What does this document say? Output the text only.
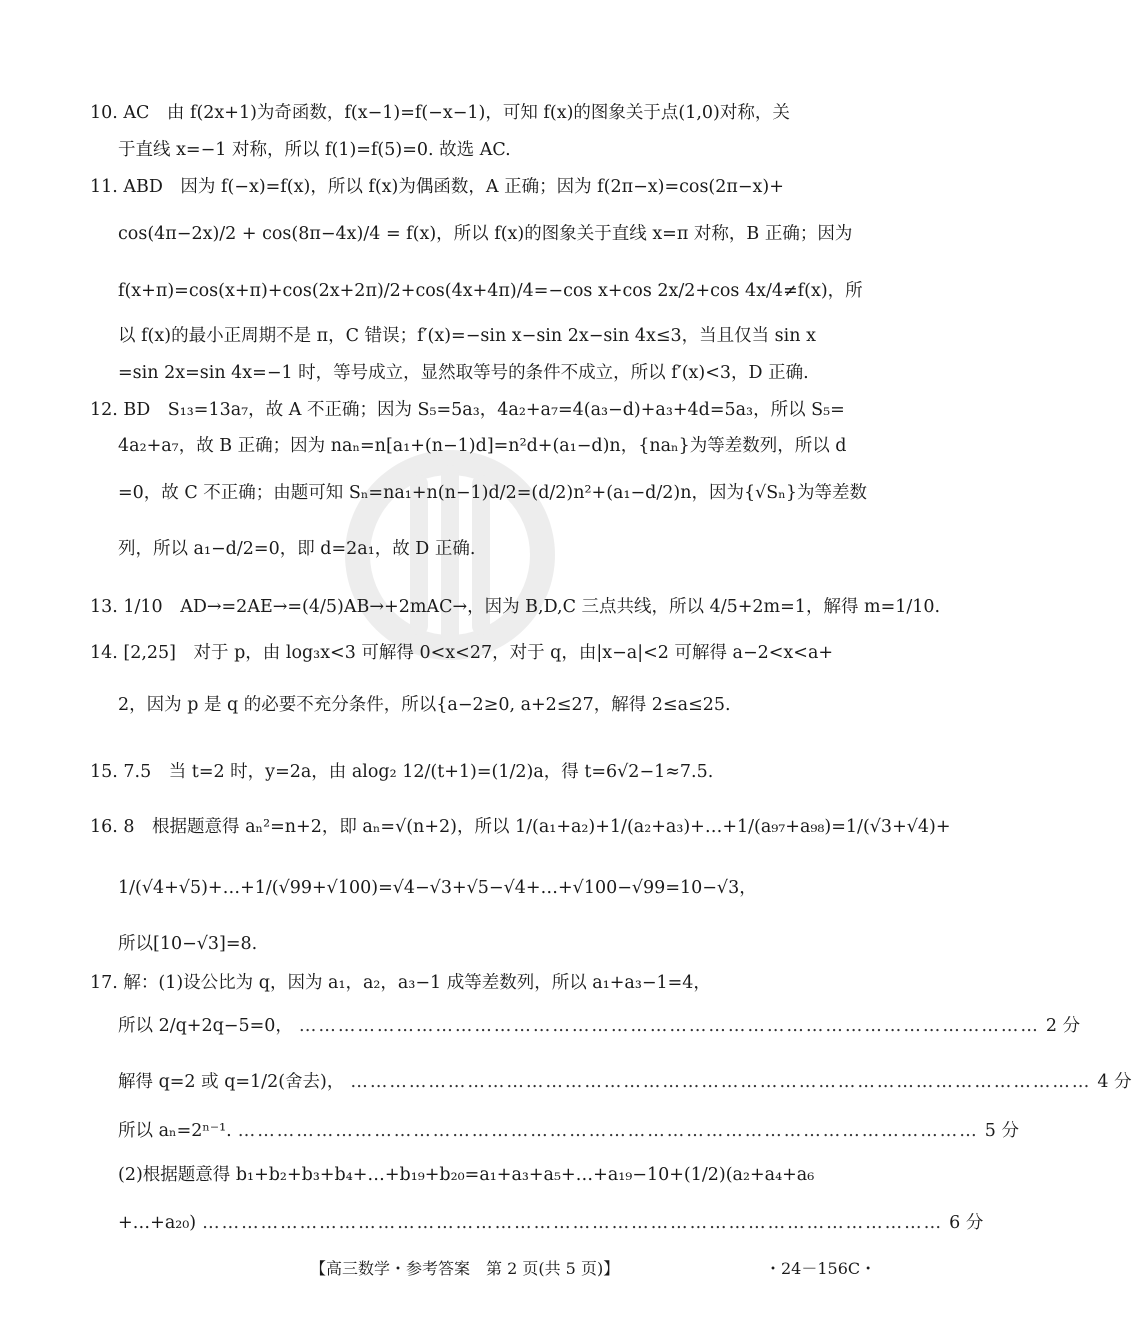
10. AC　由 f(2x+1)为奇函数，f(x−1)=f(−x−1)，可知 f(x)的图象关于点(1,0)对称，关
于直线 x=−1 对称，所以 f(1)=f(5)=0. 故选 AC.
11. ABD　因为 f(−x)=f(x)，所以 f(x)为偶函数，A 正确；因为 f(2π−x)=cos(2π−x)+
cos(4π−2x)/2 + cos(8π−4x)/4 = f(x)，所以 f(x)的图象关于直线 x=π 对称，B 正确；因为
f(x+π)=cos(x+π)+cos(2x+2π)/2+cos(4x+4π)/4=−cos x+cos 2x/2+cos 4x/4≠f(x)，所
以 f(x)的最小正周期不是 π，C 错误；f′(x)=−sin x−sin 2x−sin 4x≤3，当且仅当 sin x
=sin 2x=sin 4x=−1 时，等号成立，显然取等号的条件不成立，所以 f′(x)<3，D 正确.
12. BD　S₁₃=13a₇，故 A 不正确；因为 S₅=5a₃，4a₂+a₇=4(a₃−d)+a₃+4d=5a₃，所以 S₅=
4a₂+a₇，故 B 正确；因为 naₙ=n[a₁+(n−1)d]=n²d+(a₁−d)n，{naₙ}为等差数列，所以 d
=0，故 C 不正确；由题可知 Sₙ=na₁+n(n−1)d/2=(d/2)n²+(a₁−d/2)n，因为{√Sₙ}为等差数
列，所以 a₁−d/2=0，即 d=2a₁，故 D 正确.
13. 1/10　AD→=2AE→=(4/5)AB→+2mAC→，因为 B,D,C 三点共线，所以 4/5+2m=1，解得 m=1/10.
14. [2,25]　对于 p，由 log₃x<3 可解得 0<x<27，对于 q，由|x−a|<2 可解得 a−2<x<a+
2，因为 p 是 q 的必要不充分条件，所以{a−2≥0, a+2≤27，解得 2≤a≤25.
15. 7.5　当 t=2 时，y=2a，由 alog₂ 12/(t+1)=(1/2)a，得 t=6√2−1≈7.5.
16. 8　根据题意得 aₙ²=n+2，即 aₙ=√(n+2)，所以 1/(a₁+a₂)+1/(a₂+a₃)+…+1/(a₉₇+a₉₈)=1/(√3+√4)+
1/(√4+√5)+…+1/(√99+√100)=√4−√3+√5−√4+…+√100−√99=10−√3，
所以[10−√3]=8.
17. 解：(1)设公比为 q，因为 a₁，a₂，a₃−1 成等差数列，所以 a₁+a₃−1=4，
所以 2/q+2q−5=0， …………………………………………………………………………………………………… 2 分
解得 q=2 或 q=1/2(舍去)， …………………………………………………………………………………………………… 4 分
所以 aₙ=2ⁿ⁻¹. …………………………………………………………………………………………………… 5 分
(2)根据题意得 b₁+b₂+b₃+b₄+…+b₁₉+b₂₀=a₁+a₃+a₅+…+a₁₉−10+(1/2)(a₂+a₄+a₆
+…+a₂₀) …………………………………………………………………………………………………… 6 分
【高三数学・参考答案　第 2 页(共 5 页)】	・24－156C・
